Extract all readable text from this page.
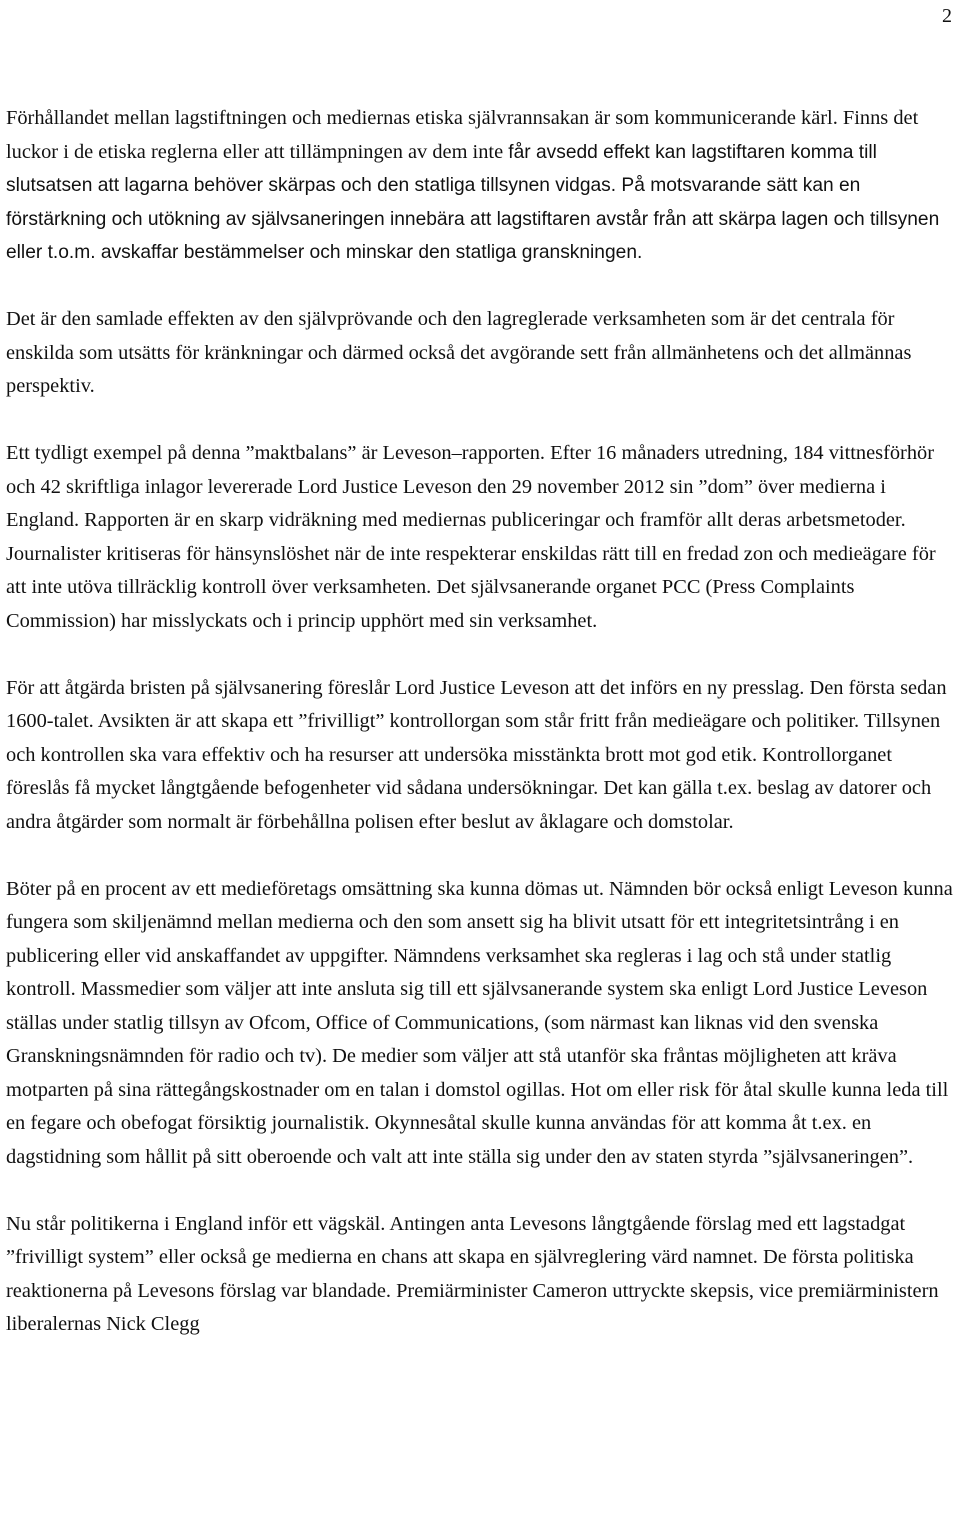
2

Förhållandet mellan lagstiftningen och mediernas etiska självrannsakan är som kommunicerande kärl. Finns det luckor i de etiska reglerna eller att tillämpningen av dem inte får avsedd effekt kan lagstiftaren komma till slutsatsen att lagarna behöver skärpas och den statliga tillsynen vidgas. På motsvarande sätt kan en förstärkning och utökning av självsaneringen innebära att lagstiftaren avstår från att skärpa lagen och tillsynen eller t.o.m. avskaffar bestämmelser och minskar den statliga granskningen.

Det är den samlade effekten av den självprövande och den lagreglerade verksamheten som är det centrala för enskilda som utsätts för kränkningar och därmed också det avgörande sett från allmänhetens och det allmännas perspektiv.

Ett tydligt exempel på denna ”maktbalans” är Leveson–rapporten. Efter 16 månaders utredning, 184 vittnesförhör och 42 skriftliga inlagor levererade Lord Justice Leveson den 29 november 2012 sin ”dom” över medierna i England. Rapporten är en skarp vidräkning med mediernas publiceringar och framför allt deras arbetsmetoder. Journalister kritiseras för hänsynslöshet när de inte respekterar enskildas rätt till en fredad zon och medieägare för att inte utöva tillräcklig kontroll över verksamheten. Det självsanerande organet PCC (Press Complaints Commission) har misslyckats och i princip upphört med sin verksamhet.

För att åtgärda bristen på självsanering föreslår Lord Justice Leveson att det införs en ny presslag. Den första sedan 1600-talet. Avsikten är att skapa ett ”frivilligt” kontrollorgan som står fritt från medieägare och politiker. Tillsynen och kontrollen ska vara effektiv och ha resurser att undersöka misstänkta brott mot god etik. Kontrollorganet föreslås få mycket långtgående befogenheter vid sådana undersökningar. Det kan gälla t.ex. beslag av datorer och andra åtgärder som normalt är förbehållna polisen efter beslut av åklagare och domstolar.

Böter på en procent av ett medieföretags omsättning ska kunna dömas ut. Nämnden bör också enligt Leveson kunna fungera som skiljenämnd mellan medierna och den som ansett sig ha blivit utsatt för ett integritetsintrång i en publicering eller vid anskaffandet av uppgifter. Nämndens verksamhet ska regleras i lag och stå under statlig kontroll. Massmedier som väljer att inte ansluta sig till ett självsanerande system ska enligt Lord Justice Leveson ställas under statlig tillsyn av Ofcom, Office of Communications, (som närmast kan liknas vid den svenska Granskningsnämnden för radio och tv). De medier som väljer att stå utanför ska fråntas möjligheten att kräva motparten på sina rättegångskostnader om en talan i domstol ogillas. Hot om eller risk för åtal skulle kunna leda till en fegare och obefogat försiktig journalistik. Okynnesåtal skulle kunna användas för att komma åt t.ex. en dagstidning som hållit på sitt oberoende och valt att inte ställa sig under den av staten styrda ”självsaneringen”.

Nu står politikerna i England inför ett vägskäl. Antingen anta Levesons långtgående förslag med ett lagstadgat ”frivilligt system” eller också ge medierna en chans att skapa en självreglering värd namnet. De första politiska reaktionerna på Levesons förslag var blandade. Premiärminister Cameron uttryckte skepsis, vice premiärministern liberalernas Nick Clegg
